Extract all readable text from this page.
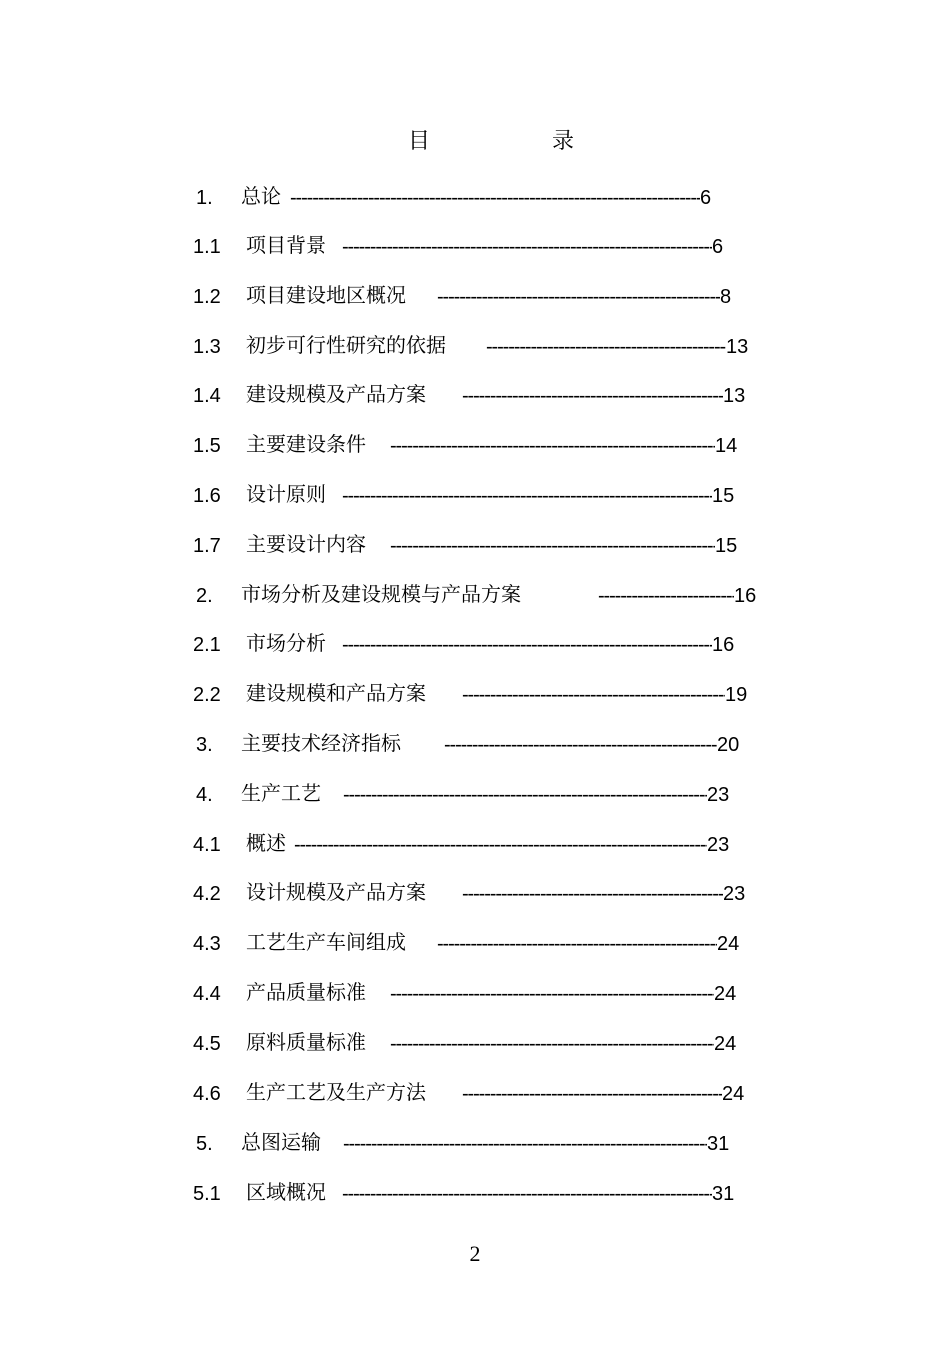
目	录
1. 总论 -----	6
1.1 项目背景 -----	6
1.2 项目建设地区概况 -----	8
1.3 初步可行性研究的依据 -----	13
1.4 建设规模及产品方案 -----	13
1.5 主要建设条件 -----	14
1.6 设计原则 -----	15
1.7 主要设计内容 -----	15
2. 市场分析及建设规模与产品方案 -----	16
2.1 市场分析 -----	16
2.2 建设规模和产品方案 -----	19
3. 主要技术经济指标 -----	20
4. 生产工艺 -----	23
4.1 概述 -----	23
4.2 设计规模及产品方案 -----	23
4.3 工艺生产车间组成 -----	24
4.4 产品质量标准 -----	24
4.5 原料质量标准 -----	24
4.6 生产工艺及生产方法 -----	24
5. 总图运输 -----	31
5.1 区域概况 -----	31
2
